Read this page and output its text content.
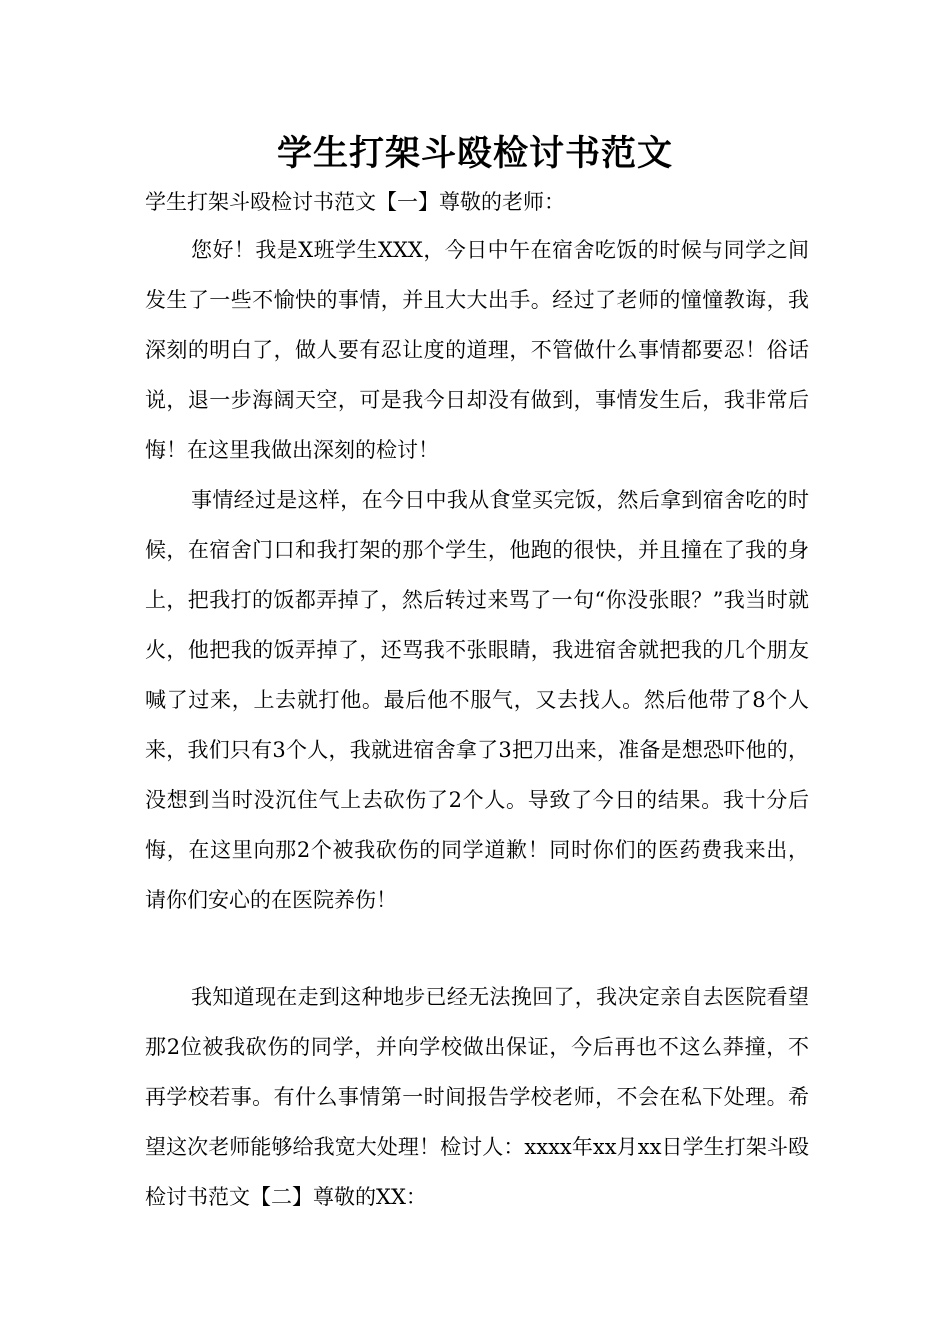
学生打架斗殴检讨书范文

学生打架斗殴检讨书范文【一】尊敬的老师：

您好！我是X班学生XXX，今日中午在宿舍吃饭的时候与同学之间发生了一些不愉快的事情，并且大大出手。经过了老师的憧憧教诲，我深刻的明白了，做人要有忍让度的道理，不管做什么事情都要忍！俗话说，退一步海阔天空，可是我今日却没有做到，事情发生后，我非常后悔！在这里我做出深刻的检讨！

事情经过是这样，在今日中我从食堂买完饭，然后拿到宿舍吃的时候，在宿舍门口和我打架的那个学生，他跑的很快，并且撞在了我的身上，把我打的饭都弄掉了，然后转过来骂了一句“你没张眼？”我当时就火，他把我的饭弄掉了，还骂我不张眼睛，我进宿舍就把我的几个朋友喊了过来，上去就打他。最后他不服气，又去找人。然后他带了8个人来，我们只有3个人，我就进宿舍拿了3把刀出来，准备是想恐吓他的，没想到当时没沉住气上去砍伤了2个人。导致了今日的结果。我十分后悔，在这里向那2个被我砍伤的同学道歉！同时你们的医药费我来出，请你们安心的在医院养伤！

我知道现在走到这种地步已经无法挽回了，我决定亲自去医院看望那2位被我砍伤的同学，并向学校做出保证，今后再也不这么莽撞，不再学校若事。有什么事情第一时间报告学校老师，不会在私下处理。希望这次老师能够给我宽大处理！检讨人：xxxx年xx月xx日学生打架斗殴检讨书范文【二】尊敬的XX：
